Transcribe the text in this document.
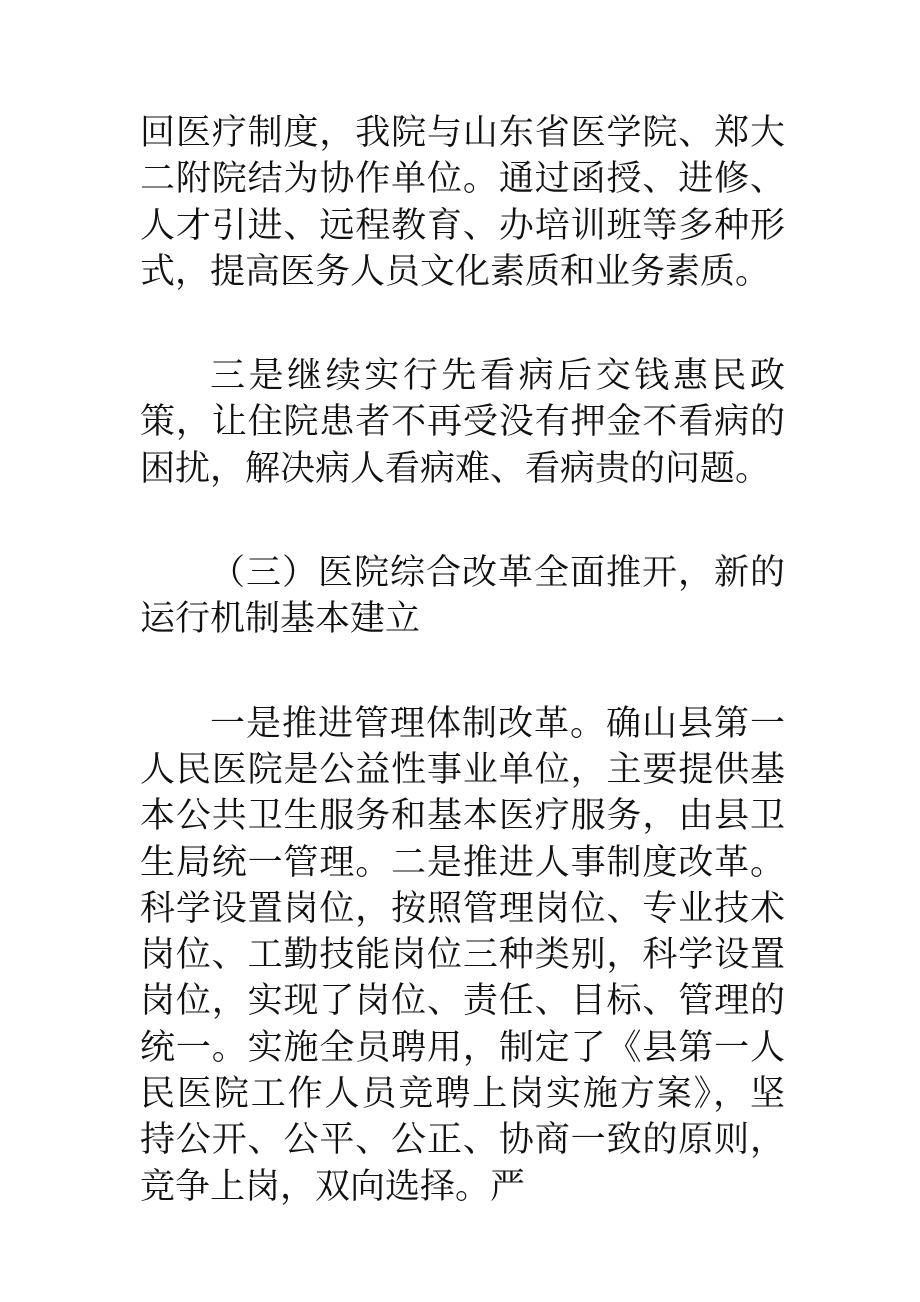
回医疗制度，我院与山东省医学院、郑大二附院结为协作单位。通过函授、进修、人才引进、远程教育、办培训班等多种形式，提高医务人员文化素质和业务素质。

三是继续实行先看病后交钱惠民政策，让住院患者不再受没有押金不看病的困扰，解决病人看病难、看病贵的问题。

（三）医院综合改革全面推开，新的运行机制基本建立

一是推进管理体制改革。确山县第一人民医院是公益性事业单位，主要提供基本公共卫生服务和基本医疗服务，由县卫生局统一管理。二是推进人事制度改革。科学设置岗位，按照管理岗位、专业技术岗位、工勤技能岗位三种类别，科学设置岗位，实现了岗位、责任、目标、管理的统一。实施全员聘用，制定了《县第一人民医院工作人员竞聘上岗实施方案》，坚持公开、公平、公正、协商一致的原则，竞争上岗，双向选择。严
